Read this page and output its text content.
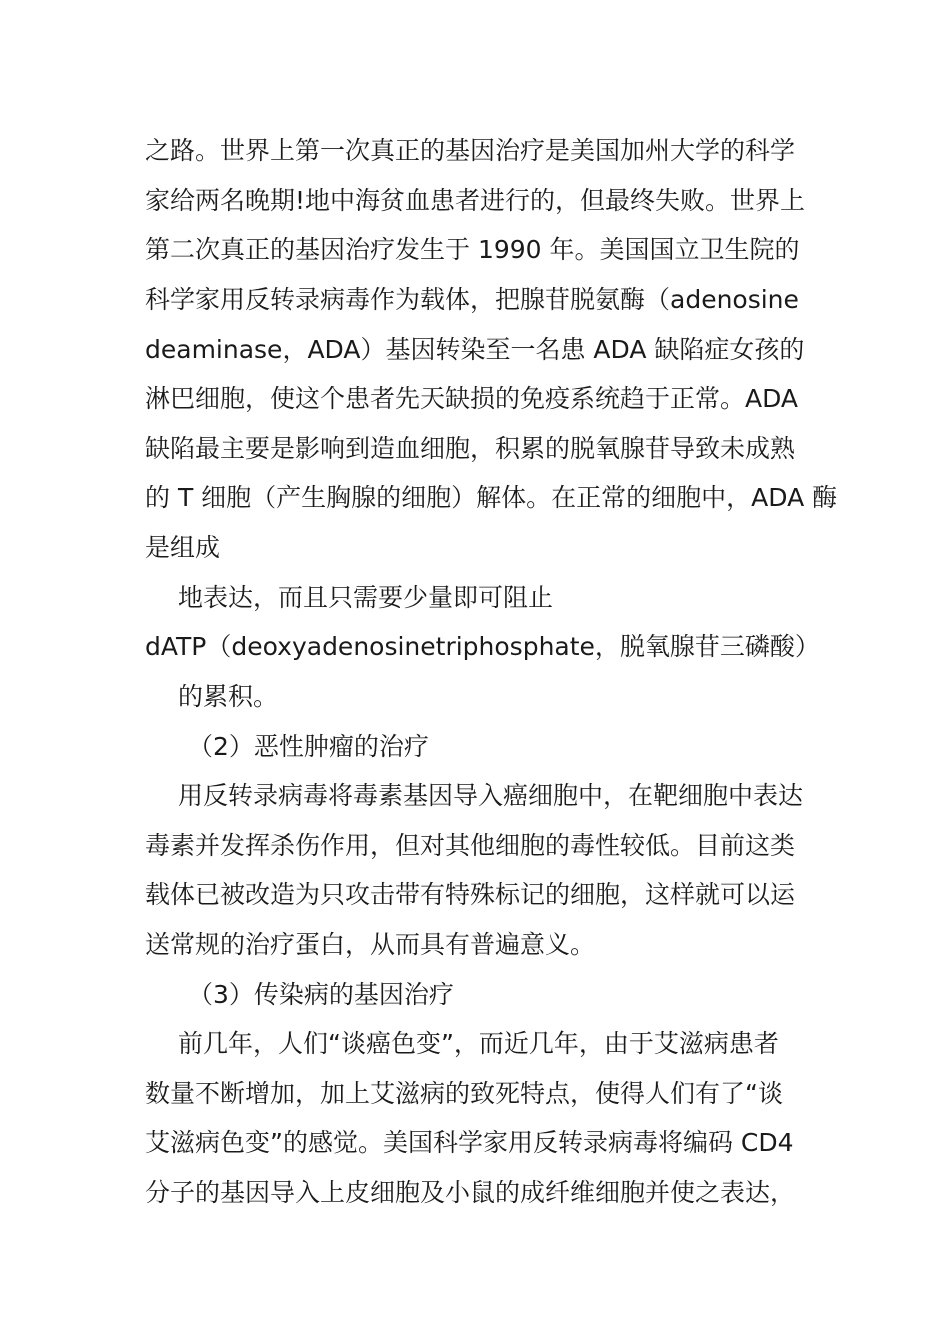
之路。世界上第一次真正的基因治疗是美国加州大学的科学
家给两名晚期!地中海贫血患者进行的，但最终失败。世界上
第二次真正的基因治疗发生于 1990 年。美国国立卫生院的
科学家用反转录病毒作为载体，把腺苷脱氨酶（adenosine
deaminase，ADA）基因转染至一名患 ADA 缺陷症女孩的
淋巴细胞，使这个患者先天缺损的免疫系统趋于正常。ADA
缺陷最主要是影响到造血细胞，积累的脱氧腺苷导致未成熟
的 T 细胞（产生胸腺的细胞）解体。在正常的细胞中，ADA 酶
是组成
地表达，而且只需要少量即可阻止
dATP（deoxyadenosinetriphosphate，脱氧腺苷三磷酸）
的累积。
（2）恶性肿瘤的治疗
用反转录病毒将毒素基因导入癌细胞中，在靶细胞中表达
毒素并发挥杀伤作用，但对其他细胞的毒性较低。目前这类
载体已被改造为只攻击带有特殊标记的细胞，这样就可以运
送常规的治疗蛋白，从而具有普遍意义。
（3）传染病的基因治疗
前几年，人们“谈癌色变”，而近几年，由于艾滋病患者
数量不断增加，加上艾滋病的致死特点，使得人们有了“谈
艾滋病色变”的感觉。美国科学家用反转录病毒将编码 CD4
分子的基因导入上皮细胞及小鼠的成纤维细胞并使之表达，
